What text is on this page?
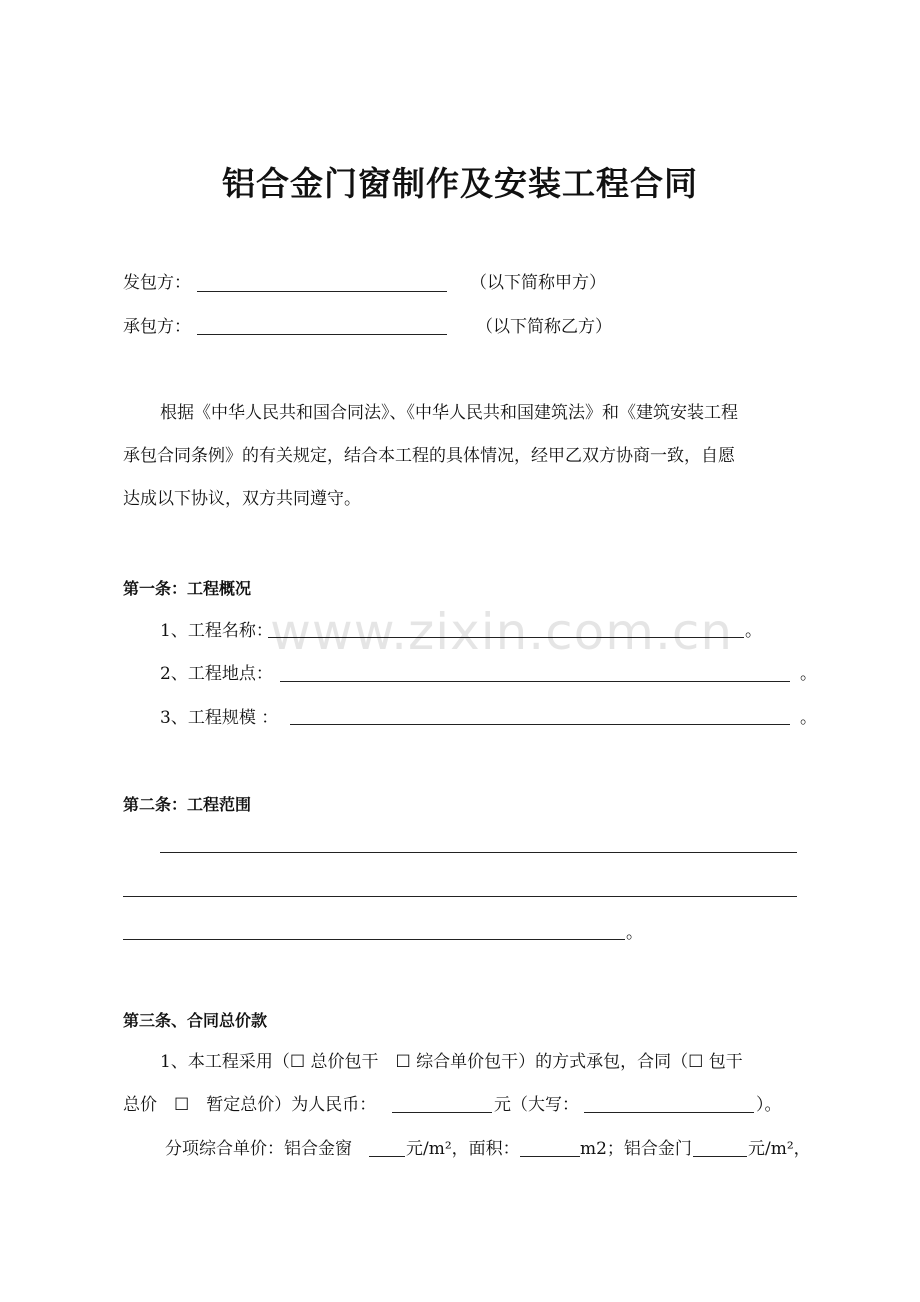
铝合金门窗制作及安装工程合同
发包方：	（以下简称甲方）
承包方：	（以下简称乙方）
根据《中华人民共和国合同法》、《中华人民共和国建筑法》和《建筑安装工程
承包合同条例》的有关规定，结合本工程的具体情况，经甲乙双方协商一致，自愿
达成以下协议，双方共同遵守。
第一条：工程概况
1、工程名称：	。
2、工程地点：	。
3、工程规模 ：	。
www.zixin.com.cn
第二条：工程范围
。
第三条、合同总价款
1、本工程采用（☐ 总价包干　☐ 综合单价包干）的方式承包，合同（☐ 包干
总价　☐　暂定总价）为人民币：	元（大写：	）。
分项综合单价：铝合金窗	元/m²，面积：	m2；铝合金门	元/m²，
